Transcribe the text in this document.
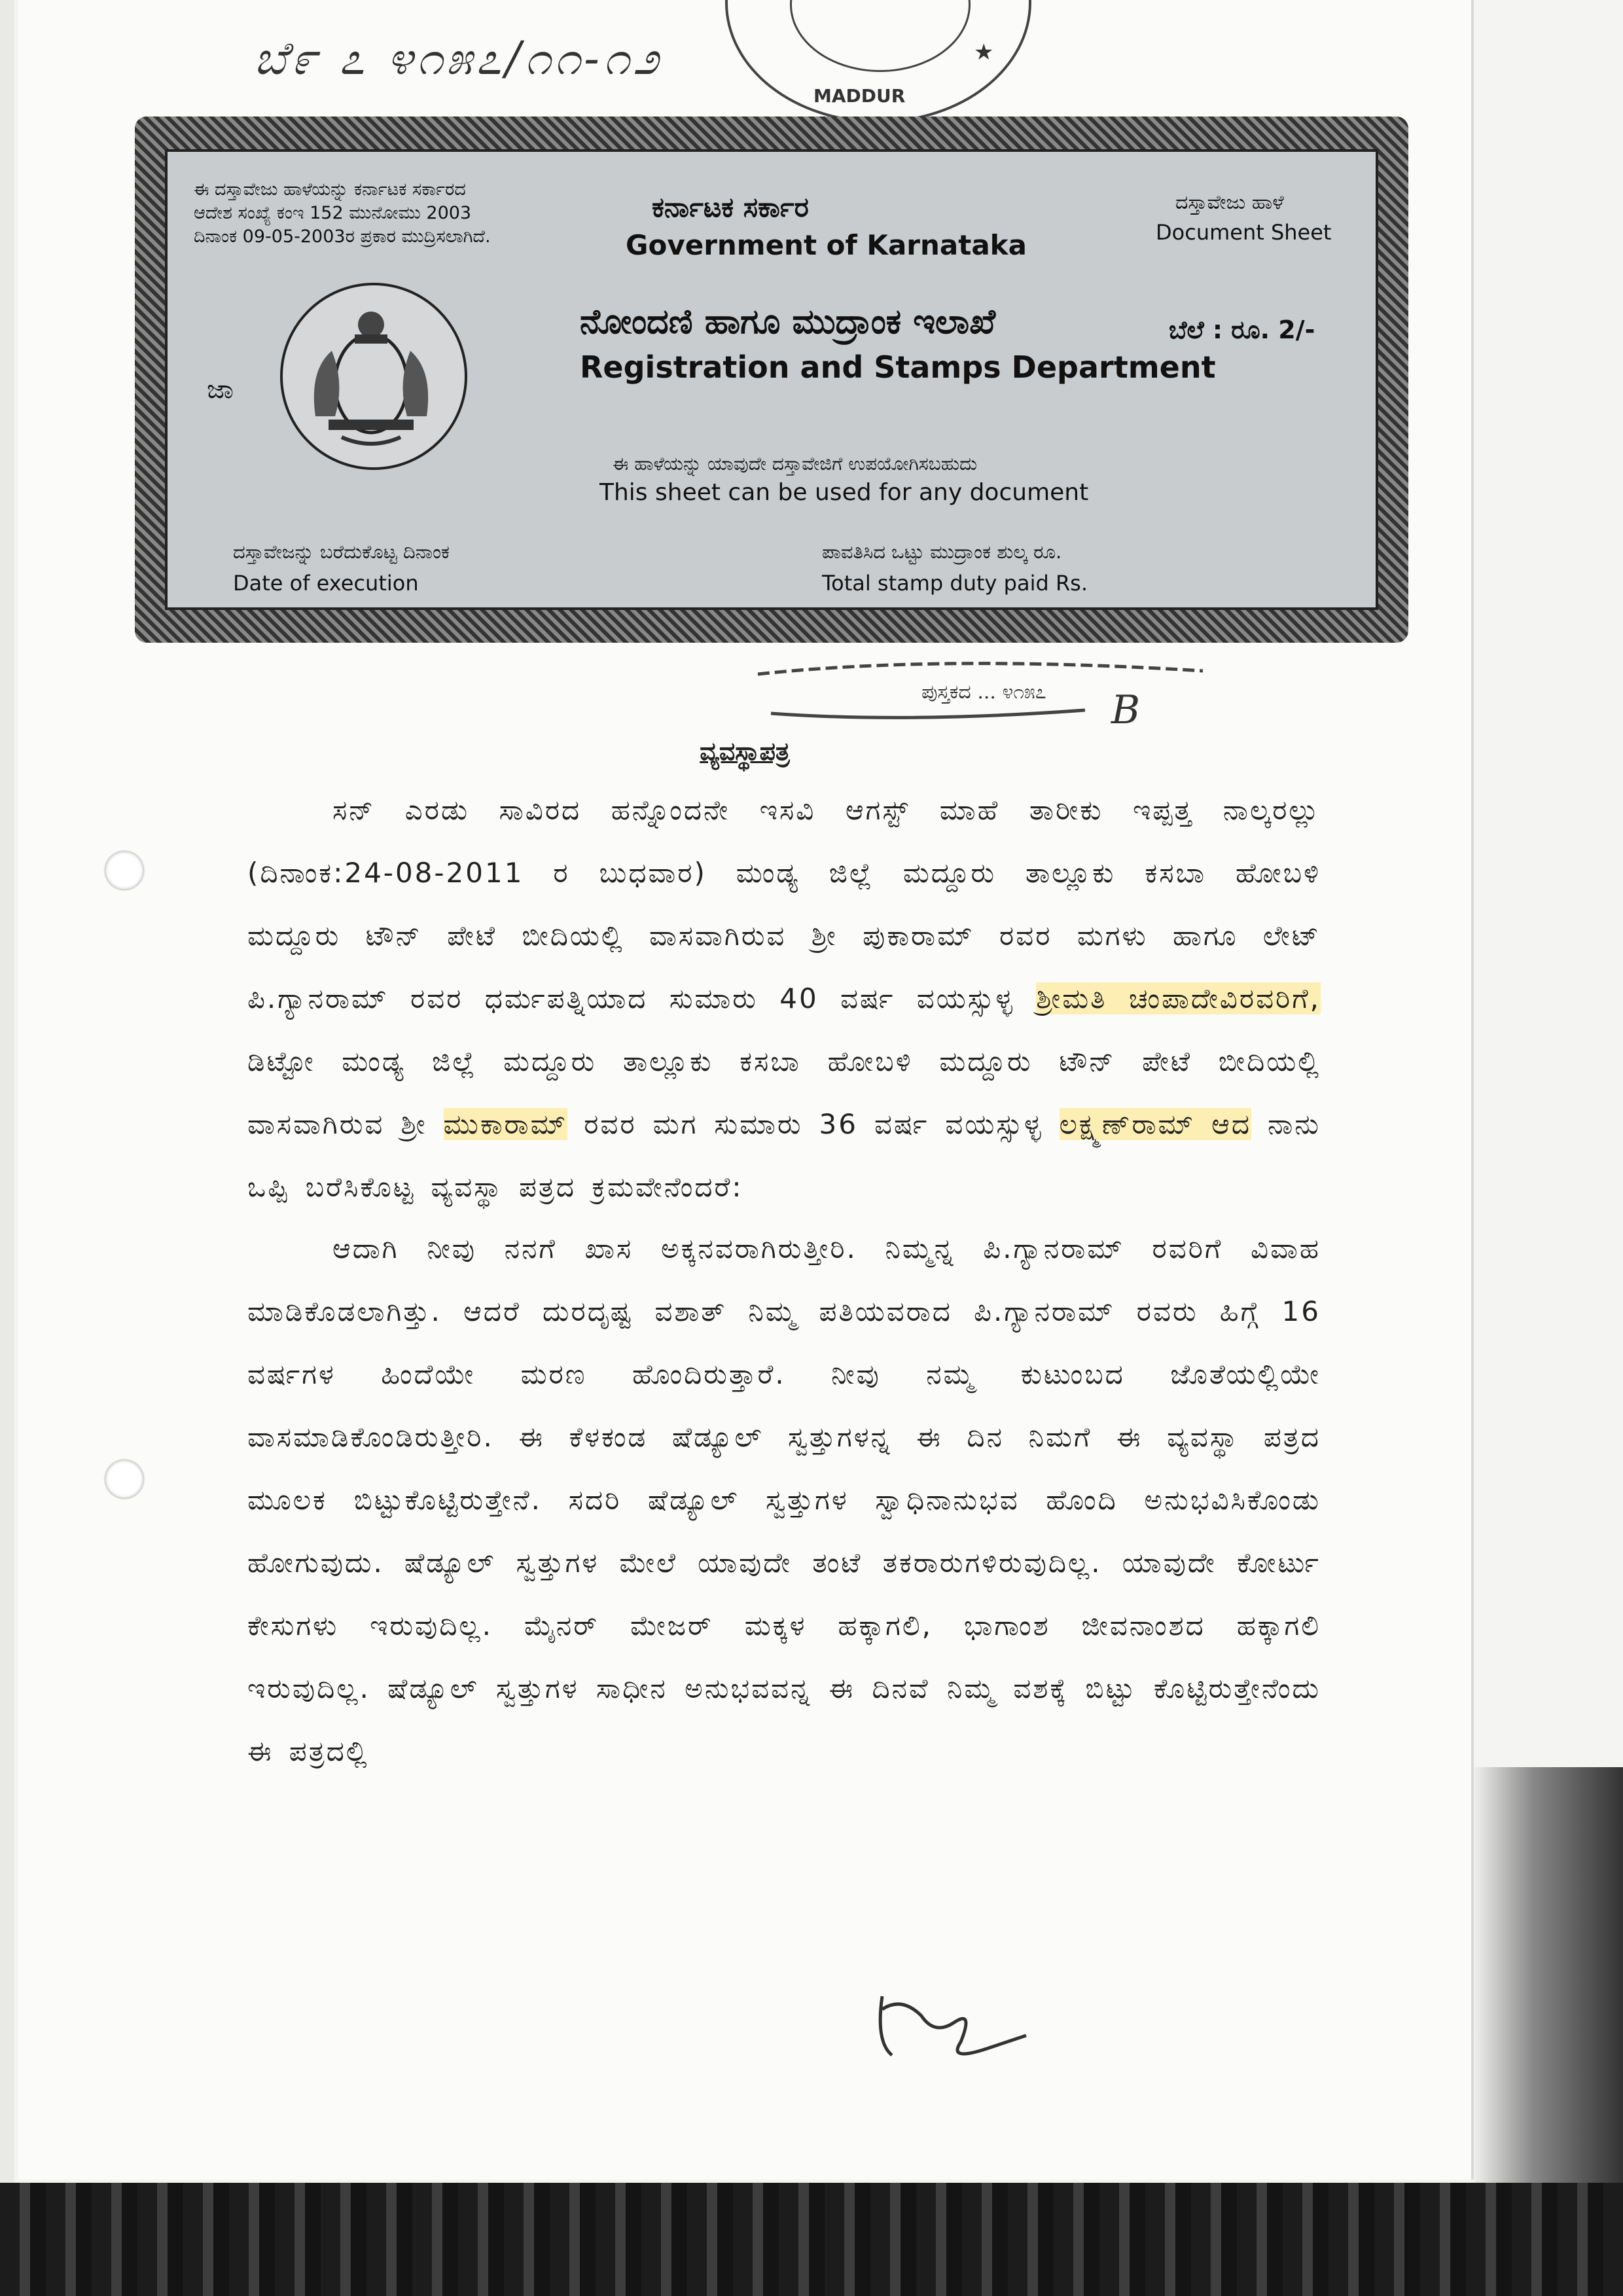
ಬೆ೯ ೭ ೪೧೫೭/೧೧-೧೨
MADDUR
★
ಈ ದಸ್ತಾವೇಜು ಹಾಳೆಯನ್ನು ಕರ್ನಾಟಕ ಸರ್ಕಾರದ
ಆದೇಶ ಸಂಖ್ಯೆ ಕಂಇ 152 ಮುನೋಮು 2003
ದಿನಾಂಕ 09-05-2003ರ ಪ್ರಕಾರ ಮುದ್ರಿಸಲಾಗಿದೆ.
ಕರ್ನಾಟಕ ಸರ್ಕಾರ
Government of Karnataka
ದಸ್ತಾವೇಜು ಹಾಳೆ
Document Sheet
ನೋಂದಣಿ ಹಾಗೂ ಮುದ್ರಾಂಕ ಇಲಾಖೆ
Registration and Stamps Department
ಬೆಲೆ : ರೂ. 2/-
ಜಾ
ಈ ಹಾಳೆಯನ್ನು ಯಾವುದೇ ದಸ್ತಾವೇಜಿಗೆ ಉಪಯೋಗಿಸಬಹುದು
This sheet can be used for any document
ದಸ್ತಾವೇಜನ್ನು ಬರೆದುಕೊಟ್ಟ ದಿನಾಂಕ
Date of execution
ಪಾವತಿಸಿದ ಒಟ್ಟು ಮುದ್ರಾಂಕ ಶುಲ್ಕ ರೂ.
Total stamp duty paid Rs.
ಪುಸ್ತಕದ ... ೪೧೫೭ B
ವ್ಯವಸ್ಥಾಪತ್ರ
ಸನ್ ಎರಡು ಸಾವಿರದ ಹನ್ನೊಂದನೇ ಇಸವಿ ಆಗಸ್ಟ್ ಮಾಹೆ ತಾರೀಕು ಇಪ್ಪತ್ತ ನಾಲ್ಕರಲ್ಲು (ದಿನಾಂಕ:24-08-2011 ರ ಬುಧವಾರ) ಮಂಡ್ಯ ಜಿಲ್ಲೆ ಮದ್ದೂರು ತಾಲ್ಲೂಕು ಕಸಬಾ ಹೋಬಳಿ ಮದ್ದೂರು ಟೌನ್ ಪೇಟೆ ಬೀದಿಯಲ್ಲಿ ವಾಸವಾಗಿರುವ ಶ್ರೀ ಪುಕಾರಾಮ್ ರವರ ಮಗಳು ಹಾಗೂ ಲೇಟ್ ಪಿ.ಗ್ಯಾನರಾಮ್ ರವರ ಧರ್ಮಪತ್ನಿಯಾದ ಸುಮಾರು 40 ವರ್ಷ ವಯಸ್ಸುಳ್ಳ ಶ್ರೀಮತಿ ಚಂಪಾದೇವಿರವರಿಗೆ, ಡಿಟ್ಟೋ ಮಂಡ್ಯ ಜಿಲ್ಲೆ ಮದ್ದೂರು ತಾಲ್ಲೂಕು ಕಸಬಾ ಹೋಬಳಿ ಮದ್ದೂರು ಟೌನ್ ಪೇಟೆ ಬೀದಿಯಲ್ಲಿ ವಾಸವಾಗಿರುವ ಶ್ರೀ ಮುಕಾರಾಮ್ ರವರ ಮಗ ಸುಮಾರು 36 ವರ್ಷ ವಯಸ್ಸುಳ್ಳ ಲಕ್ಷ್ಮಣ್‌ರಾಮ್ ಆದ ನಾನು ಒಪ್ಪಿ ಬರೆಸಿಕೊಟ್ಟ ವ್ಯವಸ್ಥಾ ಪತ್ರದ ಕ್ರಮವೇನೆಂದರೆ:
ಆದಾಗಿ ನೀವು ನನಗೆ ಖಾಸ ಅಕ್ಕನವರಾಗಿರುತ್ತೀರಿ. ನಿಮ್ಮನ್ನ ಪಿ.ಗ್ಯಾನರಾಮ್ ರವರಿಗೆ ವಿವಾಹ ಮಾಡಿಕೊಡಲಾಗಿತ್ತು. ಆದರೆ ದುರದೃಷ್ಟ ವಶಾತ್ ನಿಮ್ಮ ಪತಿಯವರಾದ ಪಿ.ಗ್ಯಾನರಾಮ್ ರವರು ಹಿಗ್ಗೆ 16 ವರ್ಷಗಳ ಹಿಂದೆಯೇ ಮರಣ ಹೊಂದಿರುತ್ತಾರೆ. ನೀವು ನಮ್ಮ ಕುಟುಂಬದ ಜೊತೆಯಲ್ಲಿಯೇ ವಾಸಮಾಡಿಕೊಂಡಿರುತ್ತೀರಿ. ಈ ಕೆಳಕಂಡ ಷೆಡ್ಯೂಲ್ ಸ್ವತ್ತುಗಳನ್ನ ಈ ದಿನ ನಿಮಗೆ ಈ ವ್ಯವಸ್ಥಾ ಪತ್ರದ ಮೂಲಕ ಬಿಟ್ಟುಕೊಟ್ಟಿರುತ್ತೇನೆ. ಸದರಿ ಷೆಡ್ಯೂಲ್ ಸ್ವತ್ತುಗಳ ಸ್ವಾಧಿನಾನುಭವ ಹೊಂದಿ ಅನುಭವಿಸಿಕೊಂಡು ಹೋಗುವುದು. ಷೆಡ್ಯೂಲ್ ಸ್ವತ್ತುಗಳ ಮೇಲೆ ಯಾವುದೇ ತಂಟೆ ತಕರಾರುಗಳಿರುವುದಿಲ್ಲ. ಯಾವುದೇ ಕೋರ್ಟು ಕೇಸುಗಳು ಇರುವುದಿಲ್ಲ. ಮೈನರ್ ಮೇಜರ್ ಮಕ್ಕಳ ಹಕ್ಕಾಗಲಿ, ಭಾಗಾಂಶ ಜೀವನಾಂಶದ ಹಕ್ಕಾಗಲಿ ಇರುವುದಿಲ್ಲ. ಷೆಡ್ಯೂಲ್ ಸ್ವತ್ತುಗಳ ಸಾಧೀನ ಅನುಭವವನ್ನ ಈ ದಿನವೆ ನಿಮ್ಮ ವಶಕ್ಕೆ ಬಿಟ್ಟು ಕೊಟ್ಟಿರುತ್ತೇನೆಂದು ಈ ಪತ್ರದಲ್ಲಿ
